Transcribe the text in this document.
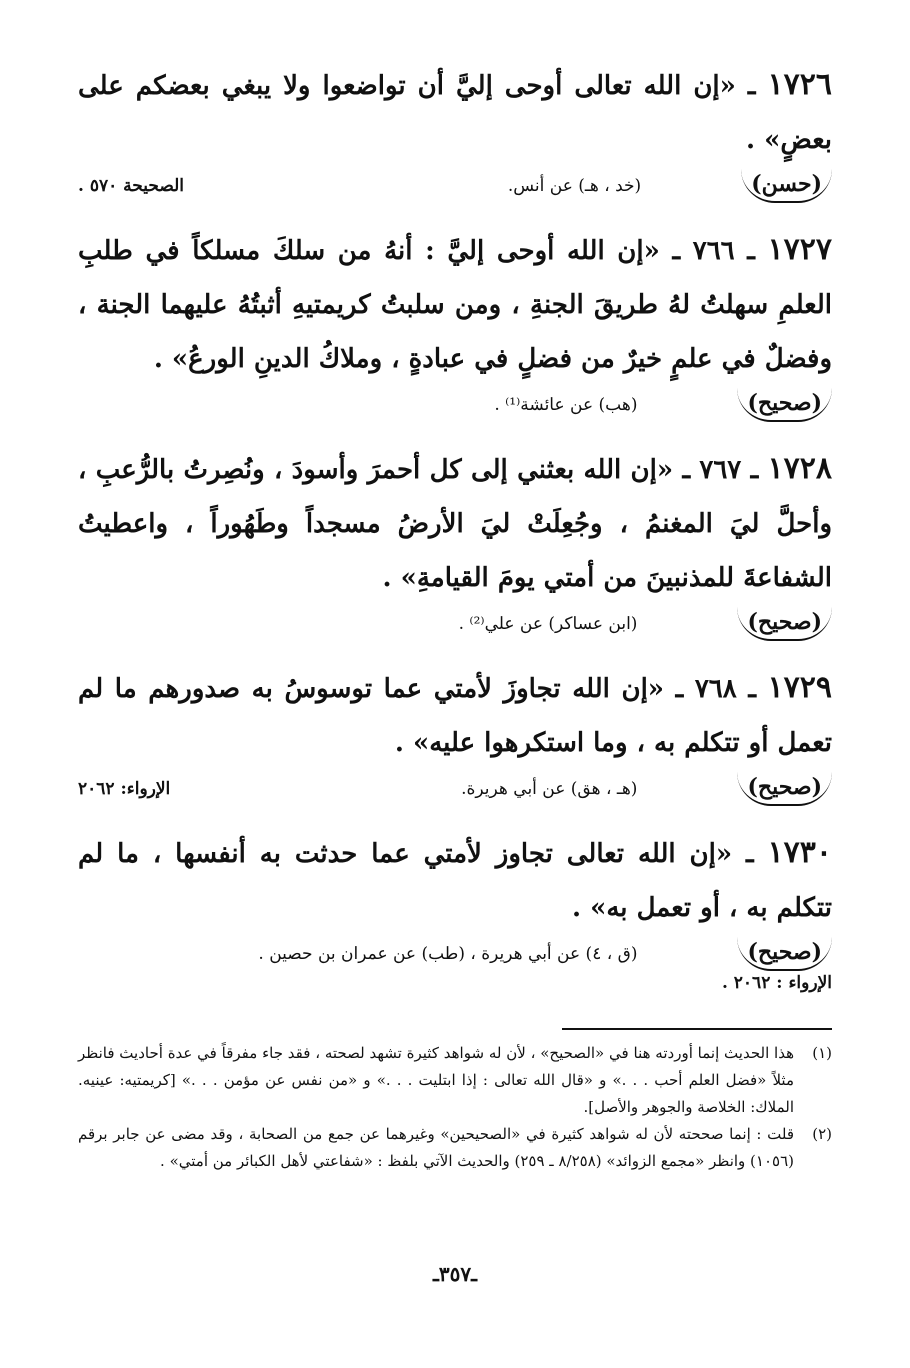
١٧٢٦ ـ «إن الله تعالى أوحى إليَّ أن تواضعوا ولا يبغي بعضكم على بعضٍ» .
(حسن)
(خد ، هـ) عن أنس.
الصحيحة ٥٧٠ .
١٧٢٧ ـ ٧٦٦ ـ «إن الله أوحى إليَّ : أنهُ من سلكَ مسلكاً في طلبِ العلمِ سهلتُ لهُ طريقَ الجنةِ ، ومن سلبتُ كريمتيهِ أثبتُهُ عليهما الجنة ، وفضلٌ في علمٍ خيرٌ من فضلٍ في عبادةٍ ، وملاكُ الدينِ الورعُ» .
(صحيح)
(هب) عن عائشة⁽¹⁾ .
١٧٢٨ ـ ٧٦٧ ـ «إن الله بعثني إلى كل أحمرَ وأسودَ ، ونُصِرتُ بالرُّعبِ ، وأحلَّ ليَ المغنمُ ، وجُعِلَتْ ليَ الأرضُ مسجداً وطَهُوراً ، واعطيتُ الشفاعةَ للمذنبينَ من أمتي يومَ القيامةِ» .
(صحيح)
(ابن عساكر) عن علي⁽²⁾ .
١٧٢٩ ـ ٧٦٨ ـ «إن الله تجاوزَ لأمتي عما توسوسُ به صدورهم ما لم تعمل أو تتكلم به ، وما استكرهوا عليه» .
(صحيح)
(هـ ، هق) عن أبي هريرة.
الإرواء: ٢٠٦٢
١٧٣٠ ـ «إن الله تعالى تجاوز لأمتي عما حدثت به أنفسها ، ما لم تتكلم به ، أو تعمل به» .
(صحيح)
(ق ، ٤) عن أبي هريرة ، (طب) عن عمران بن حصين .
الإرواء : ٢٠٦٢ .
(١)
هذا الحديث إنما أوردته هنا في «الصحيح» ، لأن له شواهد كثيرة تشهد لصحته ، فقد جاء مفرقاً في عدة أحاديث فانظر مثلاً «فضل العلم أحب . . .» و «قال الله تعالى : إذا ابتليت . . .» و «من نفس عن مؤمن . . .» [كريمتيه: عينيه. الملاك: الخلاصة والجوهر والأصل].
(٢)
قلت : إنما صححته لأن له شواهد كثيرة في «الصحيحين» وغيرهما عن جمع من الصحابة ، وقد مضى عن جابر برقم (١٠٥٦) وانظر «مجمع الزوائد» (٨/٢٥٨ ـ ٢٥٩) والحديث الآتي بلفظ : «شفاعتي لأهل الكبائر من أمتي» .
ـ٣٥٧ـ
